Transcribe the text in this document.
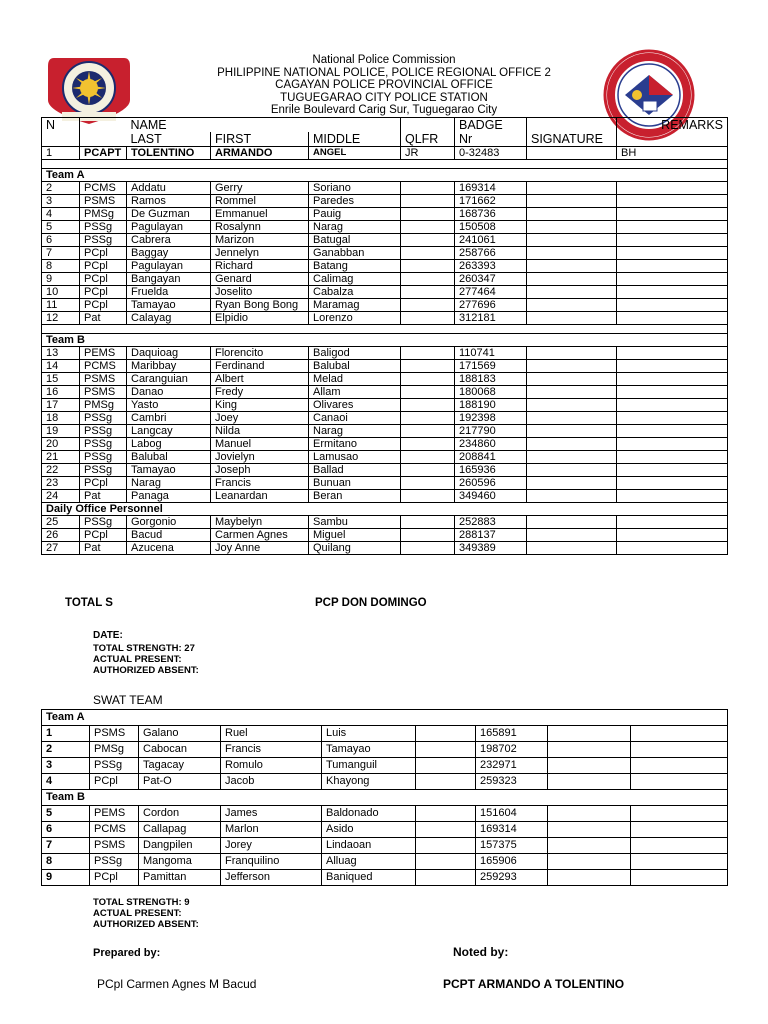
National Police Commission
PHILIPPINE NATIONAL POLICE, POLICE REGIONAL OFFICE 2
CAGAYAN POLICE PROVINCIAL OFFICE
TUGUEGARAO CITY POLICE STATION
Enrile Boulevard Carig Sur, Tuguegarao City
N		NAME				BADGE		REMARKS
		LAST	FIRST	MIDDLE	QLFR	Nr	SIGNATURE	
1	PCAPT	TOLENTINO	ARMANDO	ANGEL	JR	0-32483		BH

Team A								
2	PCMS	Addatu	Gerry	Soriano		169314		
3	PSMS	Ramos	Rommel	Paredes		171662		
4	PMSg	De Guzman	Emmanuel	Pauig		168736		
5	PSSg	Pagulayan	Rosalynn	Narag		150508		
6	PSSg	Cabrera	Marizon	Batugal		241061		
7	PCpl	Baggay	Jennelyn	Ganabban		258766		
8	PCpl	Pagulayan	Richard	Batang		263393		
9	PCpl	Bangayan	Genard	Calimag		260347		
10	PCpl	Fruelda	Joselito	Cabalza		277464		
11	PCpl	Tamayao	Ryan Bong Bong	Maramag		277696		
12	Pat	Calayag	Elpidio	Lorenzo		312181		

Team B								
13	PEMS	Daquioag	Florencito	Baligod		110741		
14	PCMS	Maribbay	Ferdinand	Balubal		171569		
15	PSMS	Caranguian	Albert	Melad		188183		
16	PSMS	Danao	Fredy	Allam		180068		
17	PMSg	Yasto	King	Olivares		188190		
18	PSSg	Cambri	Joey	Canaoi		192398		
19	PSSg	Langcay	Nilda	Narag		217790		
20	PSSg	Labog	Manuel	Ermitano		234860		
21	PSSg	Balubal	Jovielyn	Lamusao		208841		
22	PSSg	Tamayao	Joseph	Ballad		165936		
23	PCpl	Narag	Francis	Bunuan		260596		
24	Pat	Panaga	Leanardan	Beran		349460		
Daily Office Personnel								
25	PSSg	Gorgonio	Maybelyn	Sambu		252883		
26	PCpl	Bacud	Carmen Agnes	Miguel		288137		
27	Pat	Azucena	Joy Anne	Quilang		349389		
TOTAL S	PCP DON DOMINGO
DATE:
TOTAL STRENGTH: 27
ACTUAL PRESENT:
AUTHORIZED ABSENT:
SWAT TEAM
Team A								
1	PSMS	Galano	Ruel	Luis		165891		
2	PMSg	Cabocan	Francis	Tamayao		198702		
3	PSSg	Tagacay	Romulo	Tumanguil		232971		
4	PCpl	Pat-O	Jacob	Khayong		259323		
Team B								
5	PEMS	Cordon	James	Baldonado		151604		
6	PCMS	Callapag	Marlon	Asido		169314		
7	PSMS	Dangpilen	Jorey	Lindaoan		157375		
8	PSSg	Mangoma	Franquilino	Alluag		165906		
9	PCpl	Pamittan	Jefferson	Baniqued		259293		
TOTAL STRENGTH: 9
ACTUAL PRESENT:
AUTHORIZED ABSENT:
Prepared by:	Noted by:
PCpl Carmen Agnes M Bacud	PCPT ARMANDO A TOLENTINO
